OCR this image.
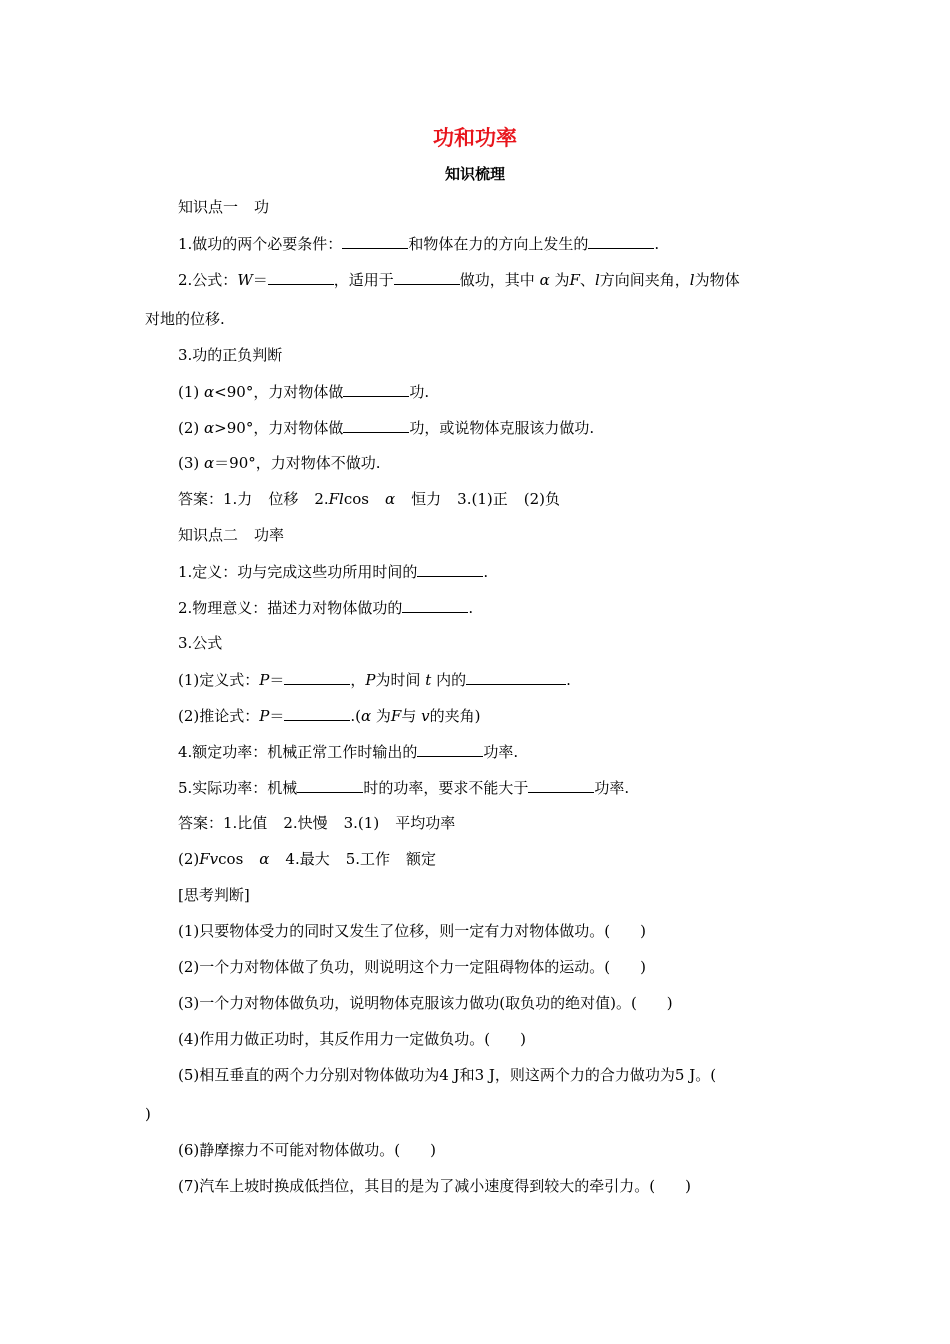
功和功率
知识梳理
知识点一 功
1.做功的两个必要条件：	和物体在力的方向上发生的	.
2.公式：W＝	，适用于	做功，其中 α 为F、l方向间夹角，l为物体
对地的位移.
3.功的正负判断
(1) α<90°，力对物体做	功.
(2) α>90°，力对物体做	功，或说物体克服该力做功.
(3) α＝90°，力对物体不做功.
答案：1.力 位移 2.Flcos α 恒力 3.(1)正 (2)负
知识点二 功率
1.定义：功与完成这些功所用时间的	.
2.物理意义：描述力对物体做功的	.
3.公式
(1)定义式：P＝	，P为时间 t 内的	.
(2)推论式：P＝	.(α 为F与 v的夹角)
4.额定功率：机械正常工作时输出的	功率.
5.实际功率：机械	时的功率，要求不能大于	功率.
答案：1.比值 2.快慢 3.(1) 平均功率
(2)Fvcos α 4.最大 5.工作 额定
[思考判断]
(1)只要物体受力的同时又发生了位移，则一定有力对物体做功。(　　)
(2)一个力对物体做了负功，则说明这个力一定阻碍物体的运动。(　　)
(3)一个力对物体做负功，说明物体克服该力做功(取负功的绝对值)。(　　)
(4)作用力做正功时，其反作用力一定做负功。(　　)
(5)相互垂直的两个力分别对物体做功为4 J和3 J，则这两个力的合力做功为5 J。(
)
(6)静摩擦力不可能对物体做功。(　　)
(7)汽车上坡时换成低挡位，其目的是为了减小速度得到较大的牵引力。(　　)
